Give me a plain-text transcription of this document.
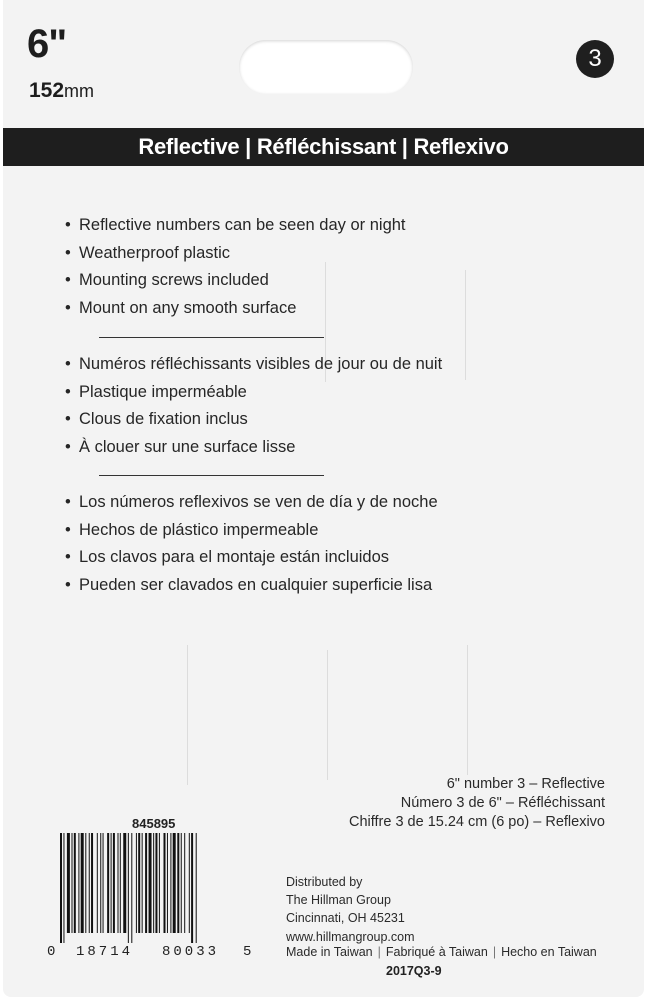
6"
152mm
3
Reflective | Réfléchissant | Reflexivo
• Reflective numbers can be seen day or night
• Weatherproof plastic
• Mounting screws included
• Mount on any smooth surface
• Numéros réfléchissants visibles de jour ou de nuit
• Plastique imperméable
• Clous de fixation inclus
• À clouer sur une surface lisse
• Los números reflexivos se ven de día y de noche
• Hechos de plástico impermeable
• Los clavos para el montaje están incluidos
• Pueden ser clavados en cualquier superficie lisa
6" number 3 – Reflective
Número 3 de 6" – Réfléchissant
Chiffre 3 de 15.24 cm (6 po) – Reflexivo
845895
0 18714 80033 5
Distributed by
The Hillman Group
Cincinnati, OH 45231
www.hillmangroup.com
Made in Taiwan | Fabriqué à Taiwan | Hecho en Taiwan
2017Q3-9
